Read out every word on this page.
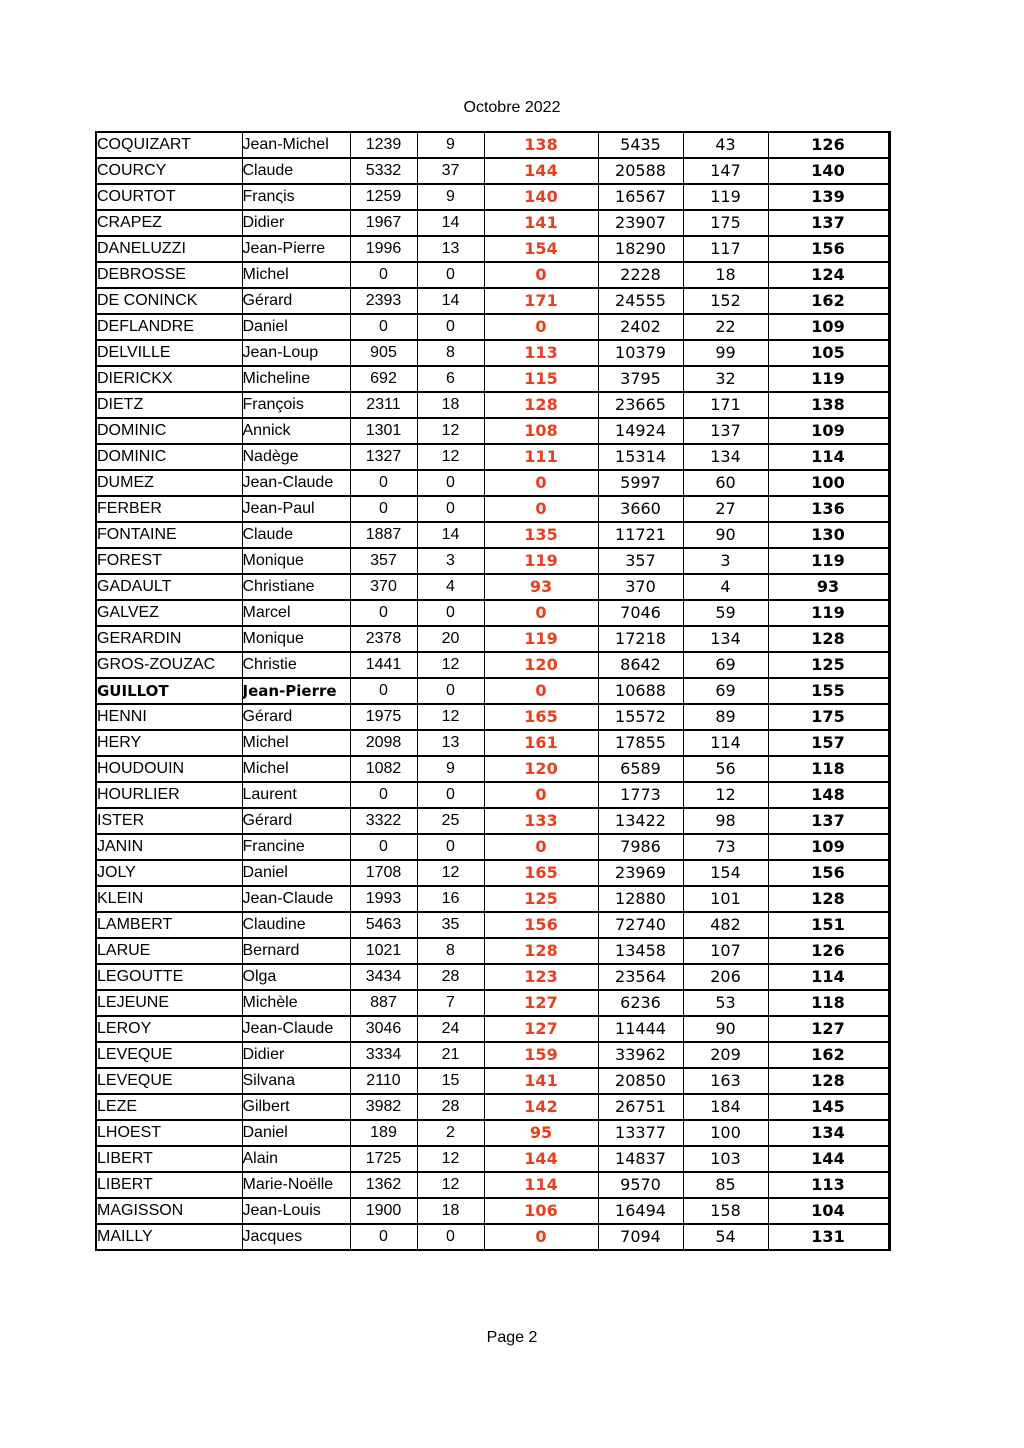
Octobre 2022
COQUIZART	Jean-Michel	1239	9	138	5435	43	126
COURCY	Claude	5332	37	144	20588	147	140
COURTOT	Franςis	1259	9	140	16567	119	139
CRAPEZ	Didier	1967	14	141	23907	175	137
DANELUZZI	Jean-Pierre	1996	13	154	18290	117	156
DEBROSSE	Michel	0	0	0	2228	18	124
DE CONINCK	Gérard	2393	14	171	24555	152	162
DEFLANDRE	Daniel	0	0	0	2402	22	109
DELVILLE	Jean-Loup	905	8	113	10379	99	105
DIERICKX	Micheline	692	6	115	3795	32	119
DIETZ	François	2311	18	128	23665	171	138
DOMINIC	Annick	1301	12	108	14924	137	109
DOMINIC	Nadège	1327	12	111	15314	134	114
DUMEZ	Jean-Claude	0	0	0	5997	60	100
FERBER	Jean-Paul	0	0	0	3660	27	136
FONTAINE	Claude	1887	14	135	11721	90	130
FOREST	Monique	357	3	119	357	3	119
GADAULT	Christiane	370	4	93	370	4	93
GALVEZ	Marcel	0	0	0	7046	59	119
GERARDIN	Monique	2378	20	119	17218	134	128
GROS-ZOUZAC	Christie	1441	12	120	8642	69	125
GUILLOT	Jean-Pierre	0	0	0	10688	69	155
HENNI	Gérard	1975	12	165	15572	89	175
HERY	Michel	2098	13	161	17855	114	157
HOUDOUIN	Michel	1082	9	120	6589	56	118
HOURLIER	Laurent	0	0	0	1773	12	148
ISTER	Gérard	3322	25	133	13422	98	137
JANIN	Francine	0	0	0	7986	73	109
JOLY	Daniel	1708	12	165	23969	154	156
KLEIN	Jean-Claude	1993	16	125	12880	101	128
LAMBERT	Claudine	5463	35	156	72740	482	151
LARUE	Bernard	1021	8	128	13458	107	126
LEGOUTTE	Olga	3434	28	123	23564	206	114
LEJEUNE	Michèle	887	7	127	6236	53	118
LEROY	Jean-Claude	3046	24	127	11444	90	127
LEVEQUE	Didier	3334	21	159	33962	209	162
LEVEQUE	Silvana	2110	15	141	20850	163	128
LEZE	Gilbert	3982	28	142	26751	184	145
LHOEST	Daniel	189	2	95	13377	100	134
LIBERT	Alain	1725	12	144	14837	103	144
LIBERT	Marie-Noëlle	1362	12	114	9570	85	113
MAGISSON	Jean-Louis	1900	18	106	16494	158	104
MAILLY	Jacques	0	0	0	7094	54	131
Page 2
